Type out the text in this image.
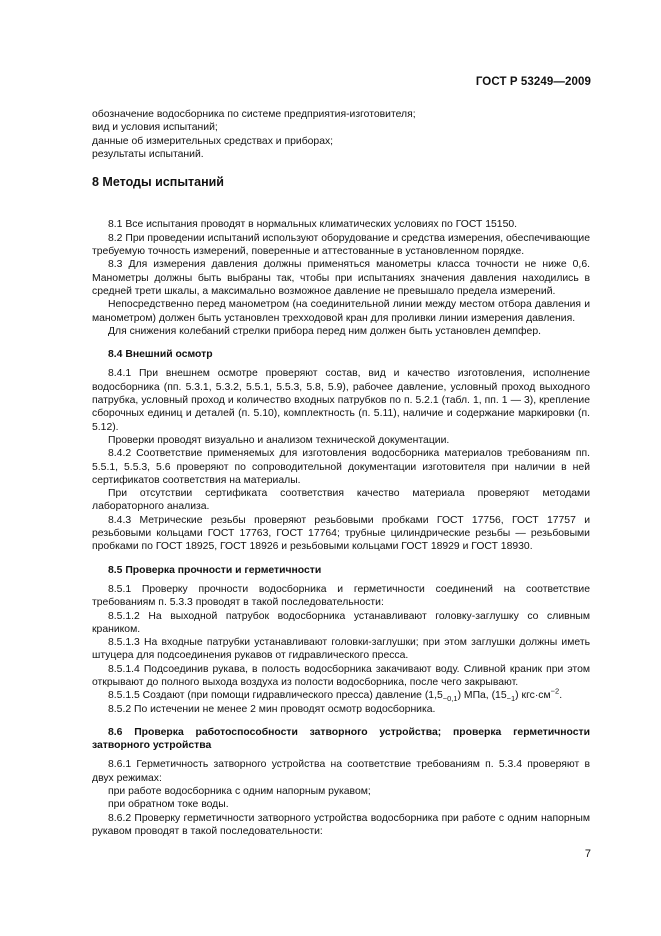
ГОСТ Р 53249—2009

обозначение водосборника по системе предприятия-изготовителя;

вид и условия испытаний;

данные об измерительных средствах и приборах;

результаты испытаний.

8 Методы испытаний

8.1 Все испытания проводят в нормальных климатических условиях по ГОСТ 15150.

8.2 При проведении испытаний используют оборудование и средства измерения, обеспечивающие требуемую точность измерений, поверенные и аттестованные в установленном порядке.

8.3 Для измерения давления должны применяться манометры класса точности не ниже 0,6. Манометры должны быть выбраны так, чтобы при испытаниях значения давления находились в средней трети шкалы, а максимально возможное давление не превышало предела измерений.

Непосредственно перед манометром (на соединительной линии между местом отбора давления и манометром) должен быть установлен трехходовой кран для проливки линии измерения давления.

Для снижения колебаний стрелки прибора перед ним должен быть установлен демпфер.

8.4 Внешний осмотр

8.4.1 При внешнем осмотре проверяют состав, вид и качество изготовления, исполнение водосборника (пп. 5.3.1, 5.3.2, 5.5.1, 5.5.3, 5.8, 5.9), рабочее давление, условный проход выходного патрубка, условный проход и количество входных патрубков по п. 5.2.1 (табл. 1, пп. 1 — 3), крепление сборочных единиц и деталей (п. 5.10), комплектность (п. 5.11), наличие и содержание маркировки (п. 5.12).

Проверки проводят визуально и анализом технической документации.

8.4.2 Соответствие применяемых для изготовления водосборника материалов требованиям пп. 5.5.1, 5.5.3, 5.6 проверяют по сопроводительной документации изготовителя при наличии в ней сертификатов соответствия на материалы.

При отсутствии сертификата соответствия качество материала проверяют методами лабораторного анализа.

8.4.3 Метрические резьбы проверяют резьбовыми пробками ГОСТ 17756, ГОСТ 17757 и резьбовыми кольцами ГОСТ 17763, ГОСТ 17764; трубные цилиндрические резьбы — резьбовыми пробками по ГОСТ 18925, ГОСТ 18926 и резьбовыми кольцами ГОСТ 18929 и ГОСТ 18930.

8.5 Проверка прочности и герметичности

8.5.1 Проверку прочности водосборника и герметичности соединений на соответствие требованиям п. 5.3.3 проводят в такой последовательности:

8.5.1.2 На выходной патрубок водосборника устанавливают головку-заглушку со сливным краником.

8.5.1.3 На входные патрубки устанавливают головки-заглушки; при этом заглушки должны иметь штуцера для подсоединения рукавов от гидравлического пресса.

8.5.1.4 Подсоединив рукава, в полость водосборника закачивают воду. Сливной краник при этом открывают до полного выхода воздуха из полости водосборника, после чего закрывают.

8.5.1.5 Создают (при помощи гидравлического пресса) давление $(1,5_{-0,1})$ МПа, $(15_{-1})$ $кгс\cdot см^{-2}$.

8.5.2 По истечении не менее 2 мин проводят осмотр водосборника.

8.6 Проверка работоспособности затворного устройства; проверка герметичности затворного устройства

8.6.1 Герметичность затворного устройства на соответствие требованиям п. 5.3.4 проверяют в двух режимах:

при работе водосборника с одним напорным рукавом;

при обратном токе воды.

8.6.2 Проверку герметичности затворного устройства водосборника при работе с одним напорным рукавом проводят в такой последовательности:

7
